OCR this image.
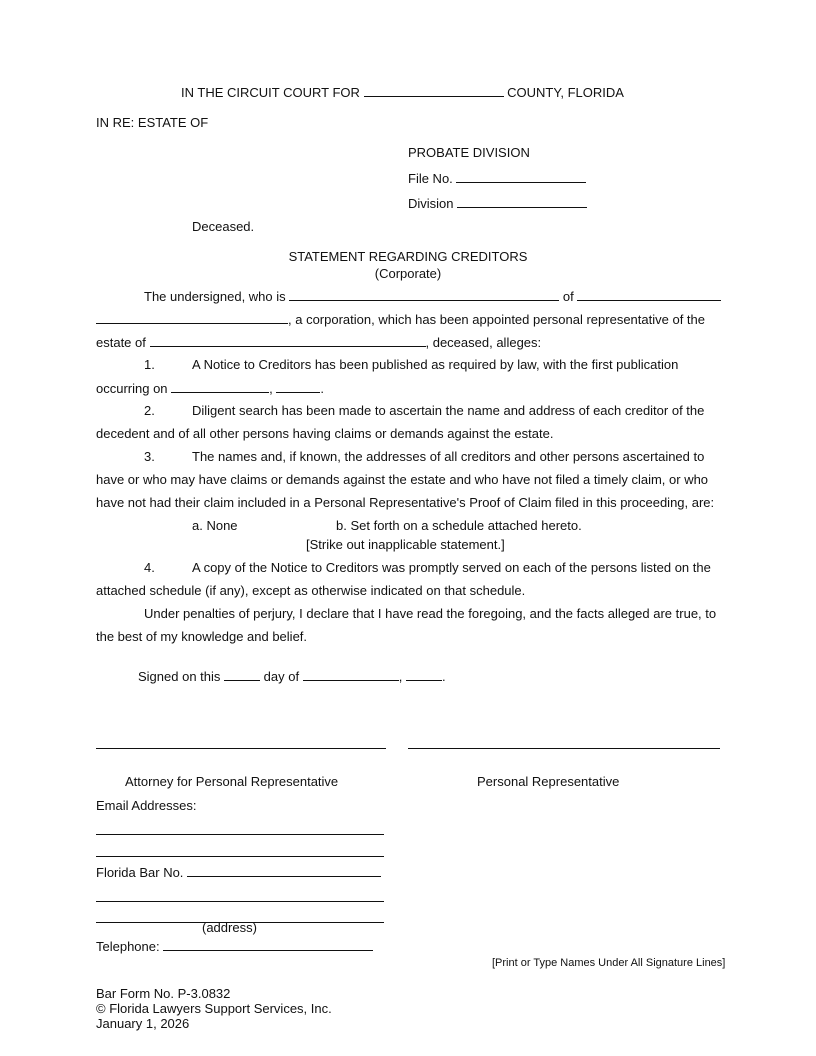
IN THE CIRCUIT COURT FOR	COUNTY, FLORIDA
IN RE: ESTATE OF
PROBATE DIVISION
File No.
Division
Deceased.
STATEMENT REGARDING CREDITORS
(Corporate)
The undersigned, who is	of
, a corporation, which has been appointed personal representative of the
estate of	, deceased, alleges:
1.	A Notice to Creditors has been published as required by law, with the first publication
occurring on	,	.
2.	Diligent search has been made to ascertain the name and address of each creditor of the
decedent and of all other persons having claims or demands against the estate.
3.	The names and, if known, the addresses of all creditors and other persons ascertained to
have or who may have claims or demands against the estate and who have not filed a timely claim, or who
have not had their claim included in a Personal Representative's Proof of Claim filed in this proceeding, are:
a. None	b. Set forth on a schedule attached hereto.
[Strike out inapplicable statement.]
4.	A copy of the Notice to Creditors was promptly served on each of the persons listed on the
attached schedule (if any), except as otherwise indicated on that schedule.
Under penalties of perjury, I declare that I have read the foregoing, and the facts alleged are true, to
the best of my knowledge and belief.
Signed on this	day of	,	.
Attorney for Personal Representative	Personal Representative
Email Addresses:
Florida Bar No.
(address)
Telephone:
[Print or Type Names Under All Signature Lines]
Bar Form No. P-3.0832
© Florida Lawyers Support Services, Inc.
January 1, 2026
